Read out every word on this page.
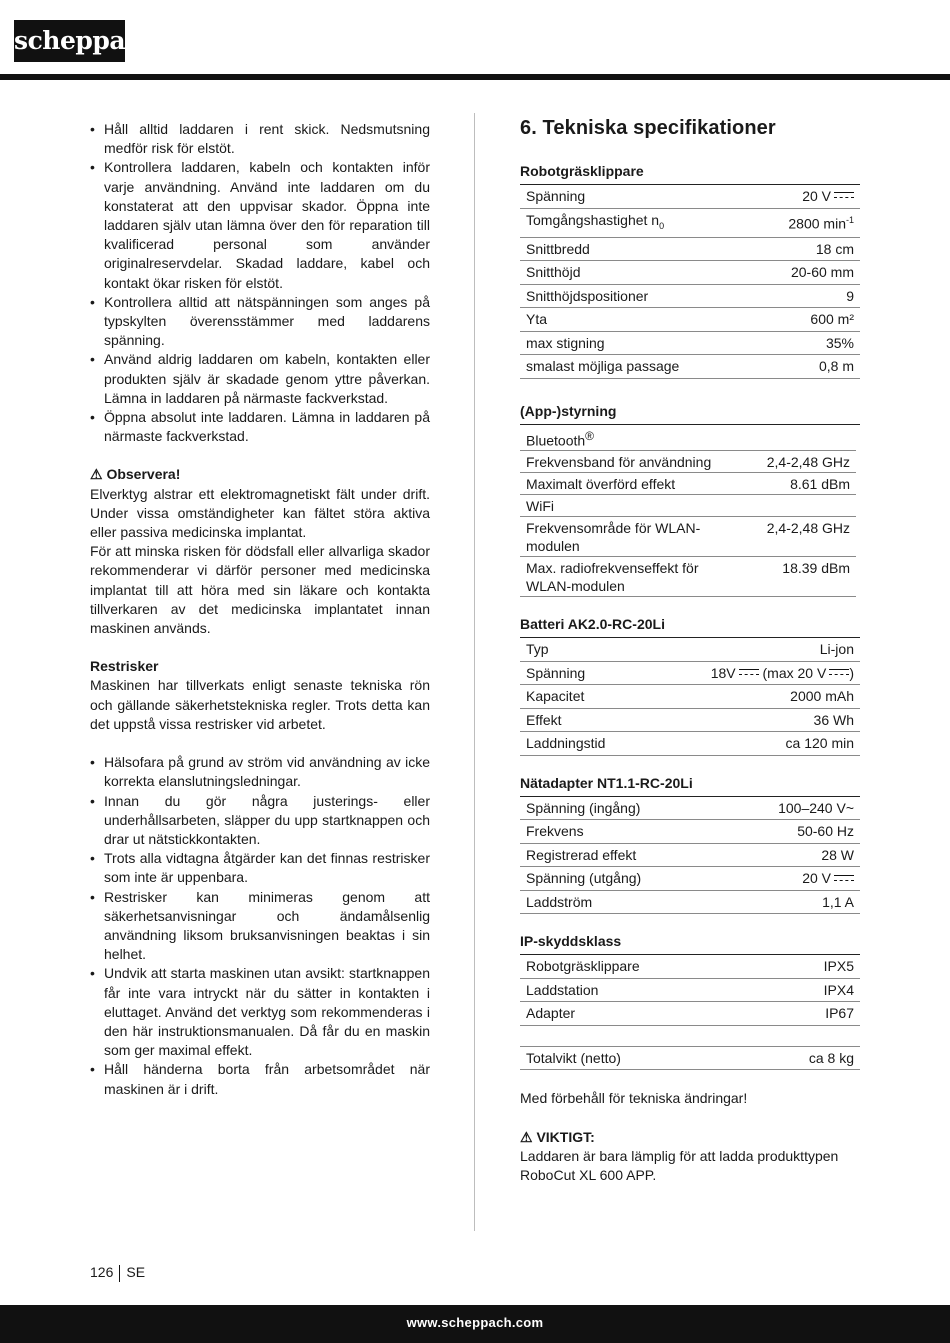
scheppach
• Håll alltid laddaren i rent skick. Nedsmutsning medför risk för elstöt.
• Kontrollera laddaren, kabeln och kontakten inför varje användning. Använd inte laddaren om du konstaterat att den uppvisar skador. Öppna inte laddaren själv utan lämna över den för reparation till kvalificerad personal som använder originalreservdelar. Skadad laddare, kabel och kontakt ökar risken för elstöt.
• Kontrollera alltid att nätspänningen som anges på typskylten överensstämmer med laddarens spänning.
• Använd aldrig laddaren om kabeln, kontakten eller produkten själv är skadade genom yttre påverkan. Lämna in laddaren på närmaste fackverkstad.
• Öppna absolut inte laddaren. Lämna in laddaren på närmaste fackverkstad.

⚠ Observera!

Elverktyg alstrar ett elektromagnetiskt fält under drift. Under vissa omständigheter kan fältet störa aktiva eller passiva medicinska implantat.

För att minska risken för dödsfall eller allvarliga skador rekommenderar vi därför personer med medicinska implantat till att höra med sin läkare och kontakta tillverkaren av det medicinska implantatet innan maskinen används.

Restrisker

Maskinen har tillverkats enligt senaste tekniska rön och gällande säkerhetstekniska regler. Trots detta kan det uppstå vissa restrisker vid arbetet.

• Hälsofara på grund av ström vid användning av icke korrekta elanslutningsledningar.
• Innan du gör några justerings- eller underhållsarbeten, släpper du upp startknappen och drar ut nätstickkontakten.
• Trots alla vidtagna åtgärder kan det finnas restrisker som inte är uppenbara.
• Restrisker kan minimeras genom att säkerhetsanvisningar och ändamålsenlig användning liksom bruksanvisningen beaktas i sin helhet.
• Undvik att starta maskinen utan avsikt: startknappen får inte vara intryckt när du sätter in kontakten i eluttaget. Använd det verktyg som rekommenderas i den här instruktionsmanualen. Då får du en maskin som ger maximal effekt.
• Håll händerna borta från arbetsområdet när maskinen är i drift.
6. Tekniska specifikationer
Robotgräsklippare
Spänning	20 V
Tomgångshastighet $n_0$	2800 $\min^{-1}$
Snittbredd	18 cm
Snitthöjd	20-60 mm
Snitthöjdspositioner	9
Yta	600 m²
max stigning	35%
smalast möjliga passage	0,8 m
(App-)styrning
Bluetooth®	
Frekvensband för användning	2,4-2,48 GHz
Maximalt överförd effekt	8.61 dBm
WiFi	
Frekvensområde för WLAN-modulen	2,4-2,48 GHz
Max. radiofrekvenseffekt för WLAN-modulen	18.39 dBm
Batteri AK2.0-RC-20Li
Typ	Li-jon
Spänning	18V (max 20 V )
Kapacitet	2000 mAh
Effekt	36 Wh
Laddningstid	ca 120 min
Nätadapter NT1.1-RC-20Li
Spänning (ingång)	100–240 V~
Frekvens	50-60 Hz
Registrerad effekt	28 W
Spänning (utgång)	20 V
Laddström	1,1 A
IP-skyddsklass
Robotgräsklippare	IPX5
Laddstation	IPX4
Adapter	IP67

Totalvikt (netto)	ca 8 kg
Med förbehåll för tekniska ändringar!
⚠ VIKTIGT:
Laddaren är bara lämplig för att ladda produkttypen RoboCut XL 600 APP.
126 SE
www.scheppach.com
